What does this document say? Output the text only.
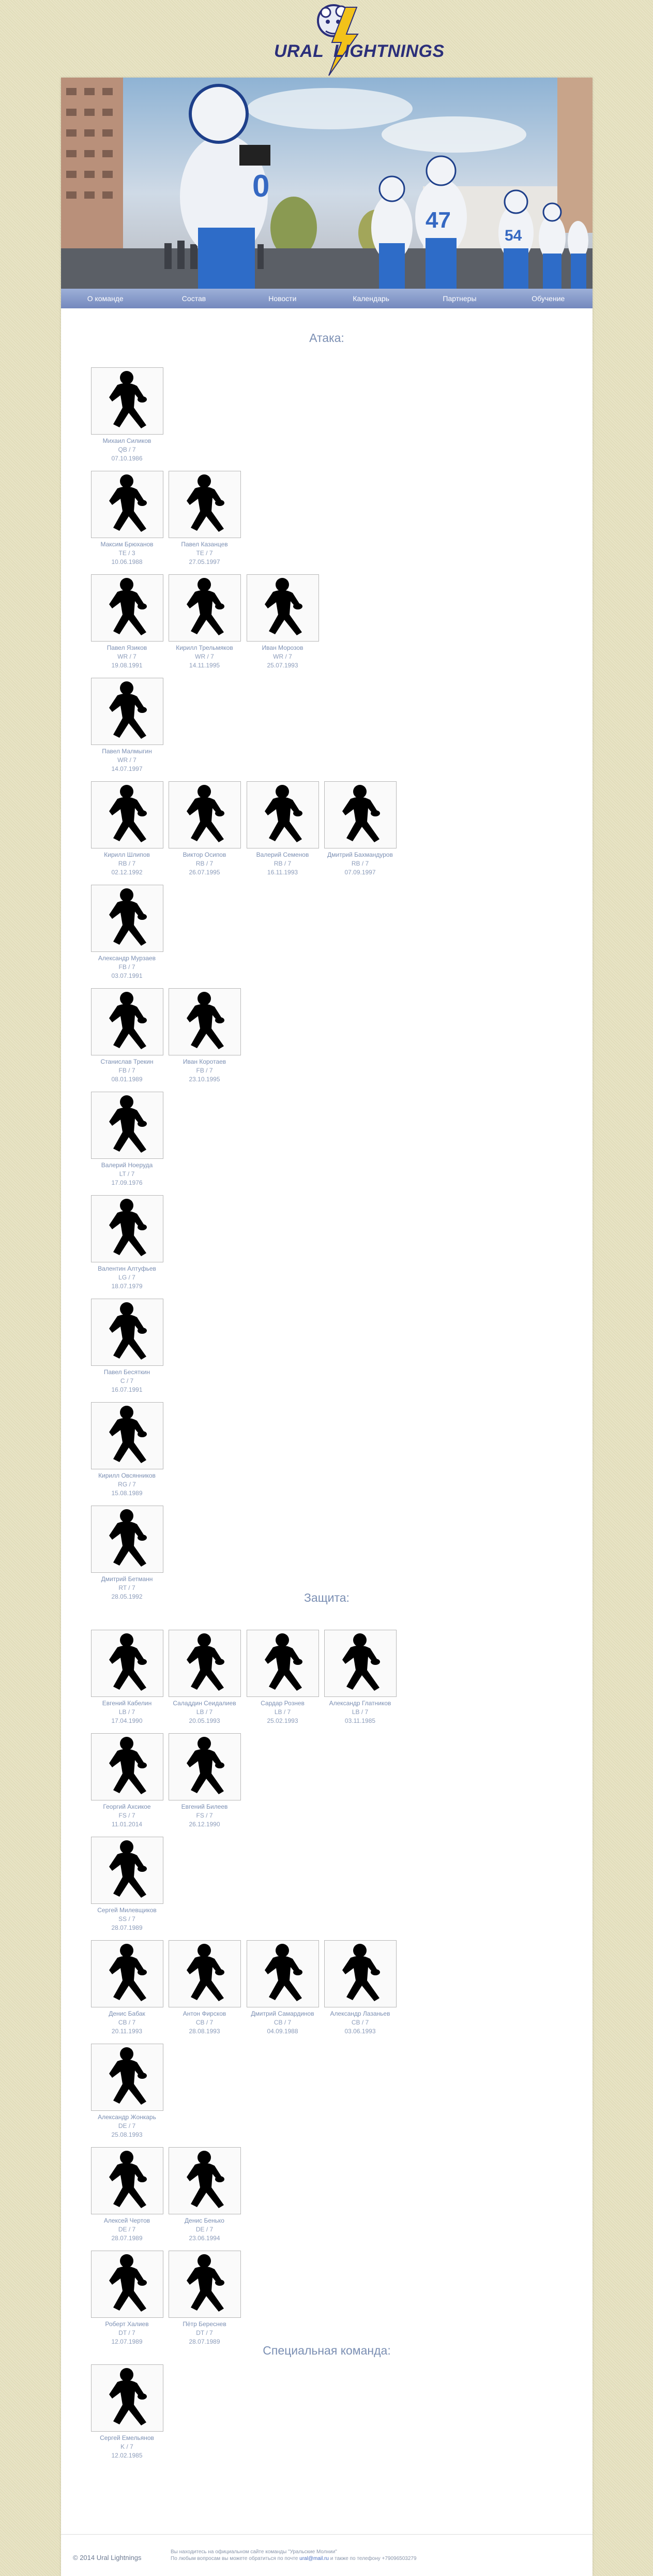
URAL LIGHTNINGS
0
47
54
О команде	Состав	Новости	Календарь	Партнеры	Обучение
Атака:
Михаил Силиков
QB / 7
07.10.1986
Максим Брюханов
TE / 3
10.06.1988
Павел Казанцев
TE / 7
27.05.1997
Павел Язиков
WR / 7
19.08.1991
Кирилл Трельмяков
WR / 7
14.11.1995
Иван Морозов
WR / 7
25.07.1993
Павел Малмыгин
WR / 7
14.07.1997
Кирилл Шлипов
RB / 7
02.12.1992
Виктор Осипов
RB / 7
26.07.1995
Валерий Семенов
RB / 7
16.11.1993
Дмитрий Бахмандуров
RB / 7
07.09.1997
Александр Мурзаев
FB / 7
03.07.1991
Станислав Трекин
FB / 7
08.01.1989
Иван Коротаев
FB / 7
23.10.1995
Валерий Ноеруда
LT / 7
17.09.1976
Валентин Алтуфьев
LG / 7
18.07.1979
Павел Бесяткин
C / 7
16.07.1991
Кирилл Овсянников
RG / 7
15.08.1989
Дмитрий Бетманн
RT / 7
28.05.1992	Защита:
Евгений Кабелин
LB / 7
17.04.1990
Саладдин Сеидалиев
LB / 7
20.05.1993
Сардар Рознев
LB / 7
25.02.1993
Александр Глатников
LB / 7
03.11.1985
Георгий Ахсикое
FS / 7
11.01.2014
Евгений Билеев
FS / 7
26.12.1990
Сергей Милевщиков
SS / 7
28.07.1989
Денис Бабак
CB / 7
20.11.1993
Антон Фирсков
CB / 7
28.08.1993
Дмитрий Самардинов
CB / 7
04.09.1988
Александр Лазаньев
CB / 7
03.06.1993
Александр Жонкарь
DE / 7
25.08.1993
Алексей Чертов
DE / 7
28.07.1989
Денис Бенько
DE / 7
23.06.1994
Роберт Халиев
DT / 7
12.07.1989
Пётр Береснев
DT / 7
28.07.1989
Специальная команда:
Сергей Емельянов
K / 7
12.02.1985
© 2014 Ural Lightnings
Вы находитесь на официальном сайте команды "Уральские Молнии"
По любым вопросам вы можете обратиться по почте ural@mail.ru и также по телефону +79096503279
